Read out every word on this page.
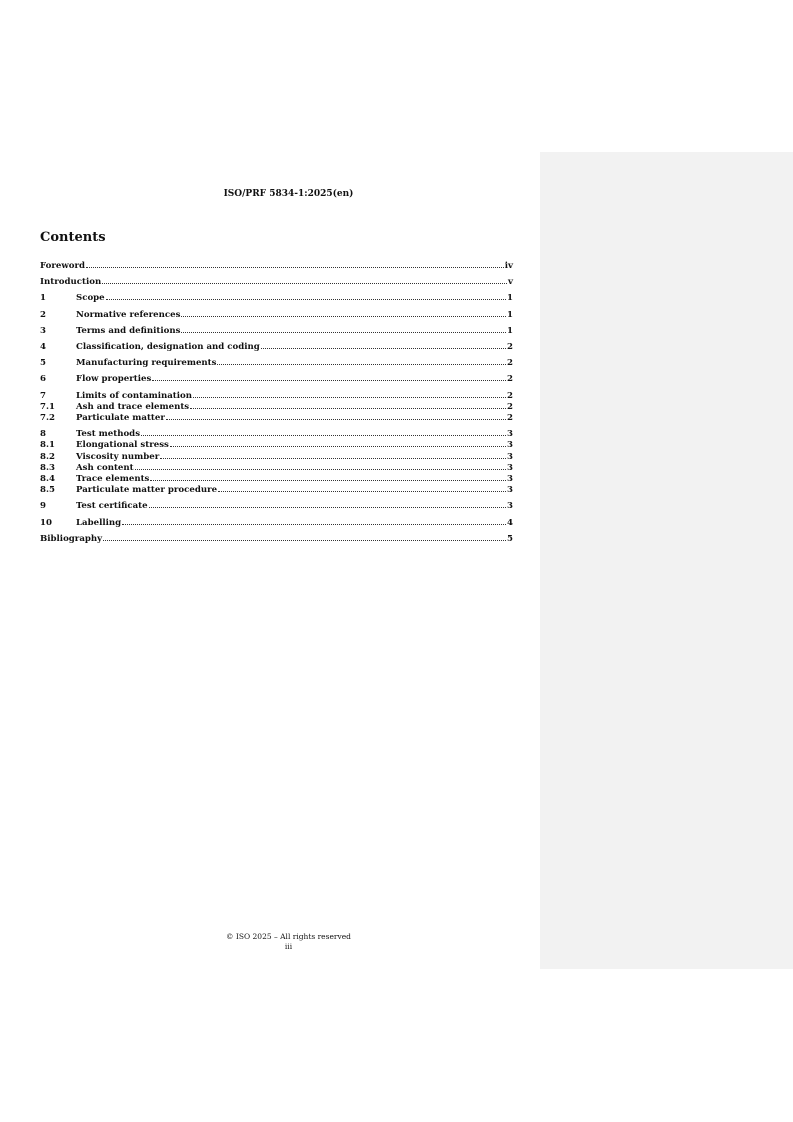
ISO/PRF 5834-1:2025(en)
Contents
Foreword	iv
Introduction	v
1	Scope	1
2	Normative references	1
3	Terms and definitions	1
4	Classification, designation and coding	2
5	Manufacturing requirements	2
6	Flow properties	2
7	Limits of contamination	2
7.1	Ash and trace elements	2
7.2	Particulate matter	2
8	Test methods	3
8.1	Elongational stress	3
8.2	Viscosity number	3
8.3	Ash content	3
8.4	Trace elements	3
8.5	Particulate matter procedure	3
9	Test certificate	3
10	Labelling	4
Bibliography	5
© ISO 2025 – All rights reserved
iii
